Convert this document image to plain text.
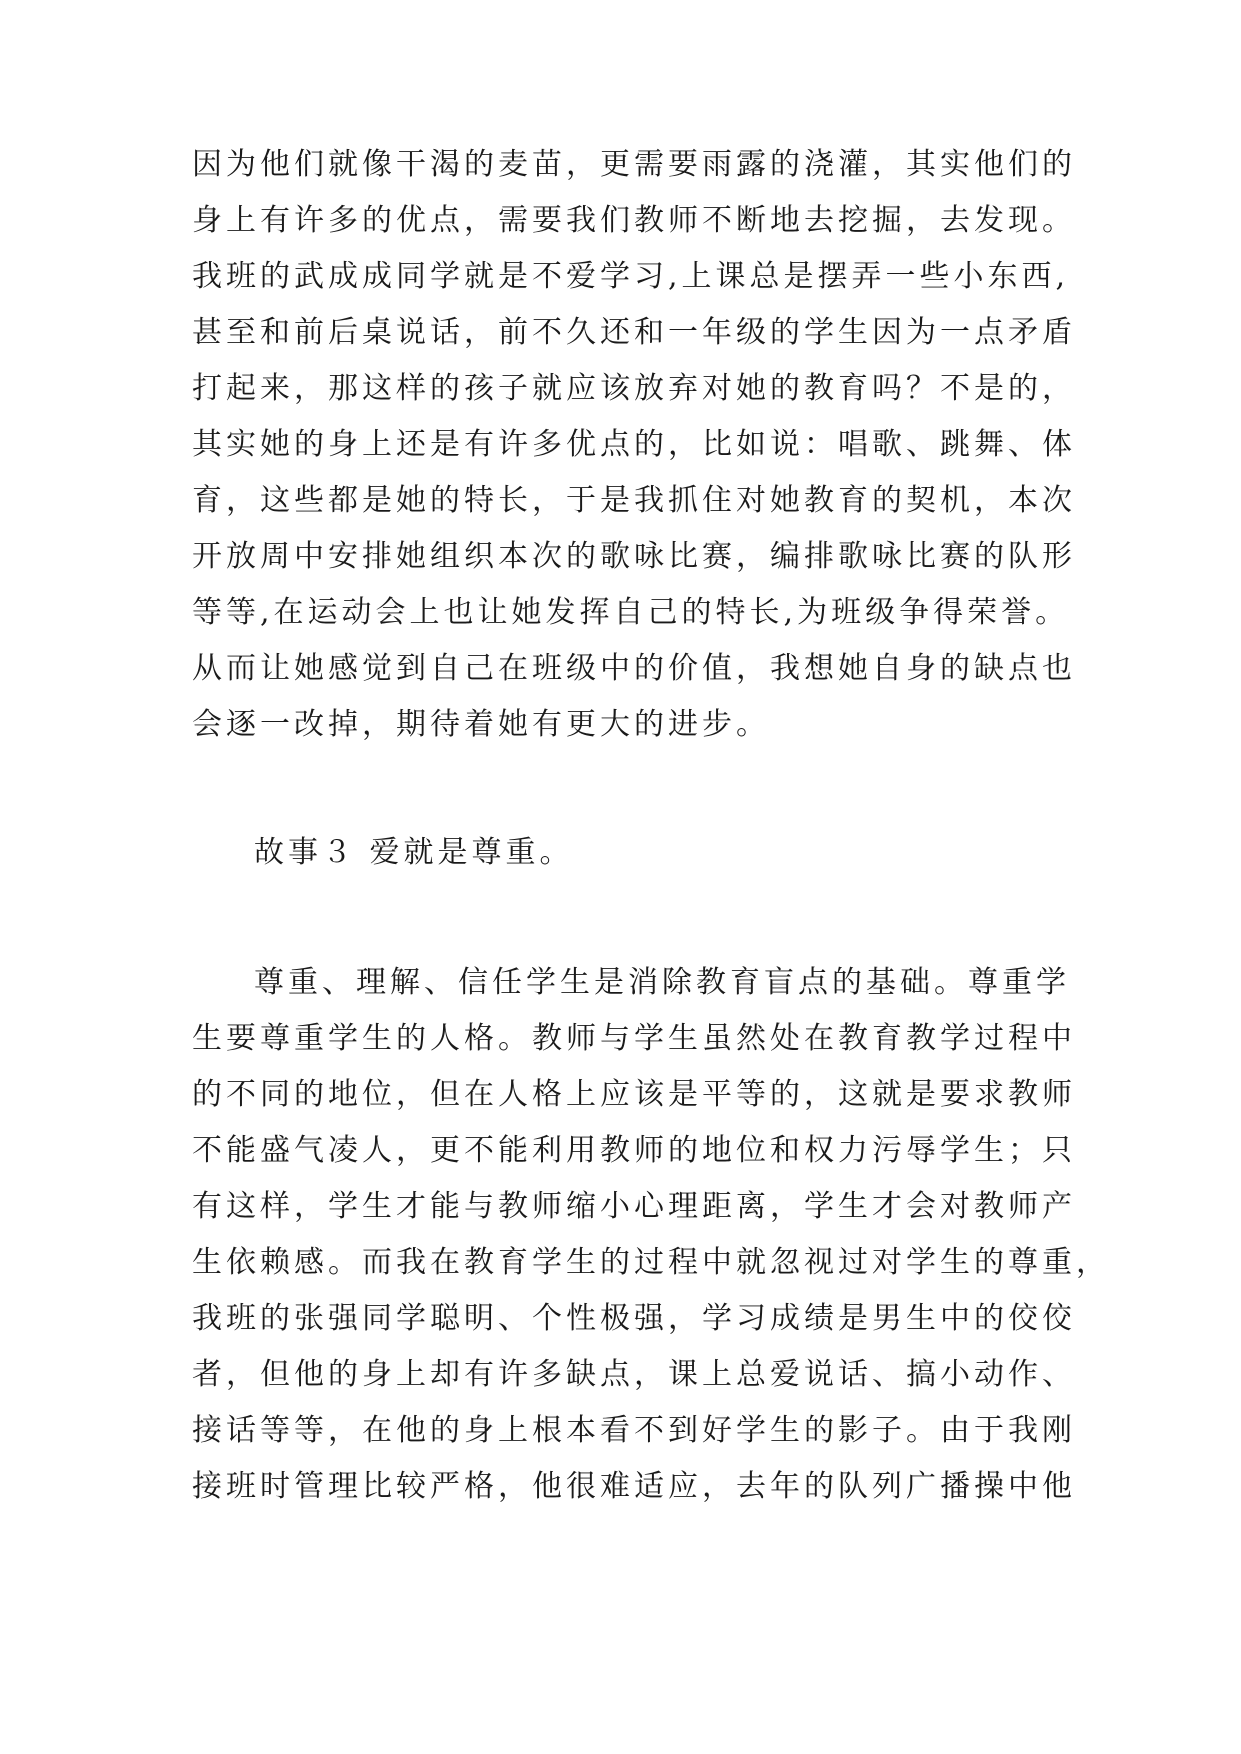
因为他们就像干渴的麦苗，更需要雨露的浇灌，其实他们的
身上有许多的优点，需要我们教师不断地去挖掘，去发现。
我班的武成成同学就是不爱学习,上课总是摆弄一些小东西,
甚至和前后桌说话，前不久还和一年级的学生因为一点矛盾
打起来，那这样的孩子就应该放弃对她的教育吗？不是的，
其实她的身上还是有许多优点的，比如说：唱歌、跳舞、体
育，这些都是她的特长，于是我抓住对她教育的契机，本次
开放周中安排她组织本次的歌咏比赛，编排歌咏比赛的队形
等等,在运动会上也让她发挥自己的特长,为班级争得荣誉。
从而让她感觉到自己在班级中的价值，我想她自身的缺点也
会逐一改掉，期待着她有更大的进步。
故事３ 爱就是尊重。
尊重、理解、信任学生是消除教育盲点的基础。尊重学
生要尊重学生的人格。教师与学生虽然处在教育教学过程中
的不同的地位，但在人格上应该是平等的，这就是要求教师
不能盛气凌人，更不能利用教师的地位和权力污辱学生；只
有这样，学生才能与教师缩小心理距离，学生才会对教师产
生依赖感。而我在教育学生的过程中就忽视过对学生的尊重，
我班的张强同学聪明、个性极强，学习成绩是男生中的佼佼
者，但他的身上却有许多缺点，课上总爱说话、搞小动作、
接话等等，在他的身上根本看不到好学生的影子。由于我刚
接班时管理比较严格，他很难适应，去年的队列广播操中他
